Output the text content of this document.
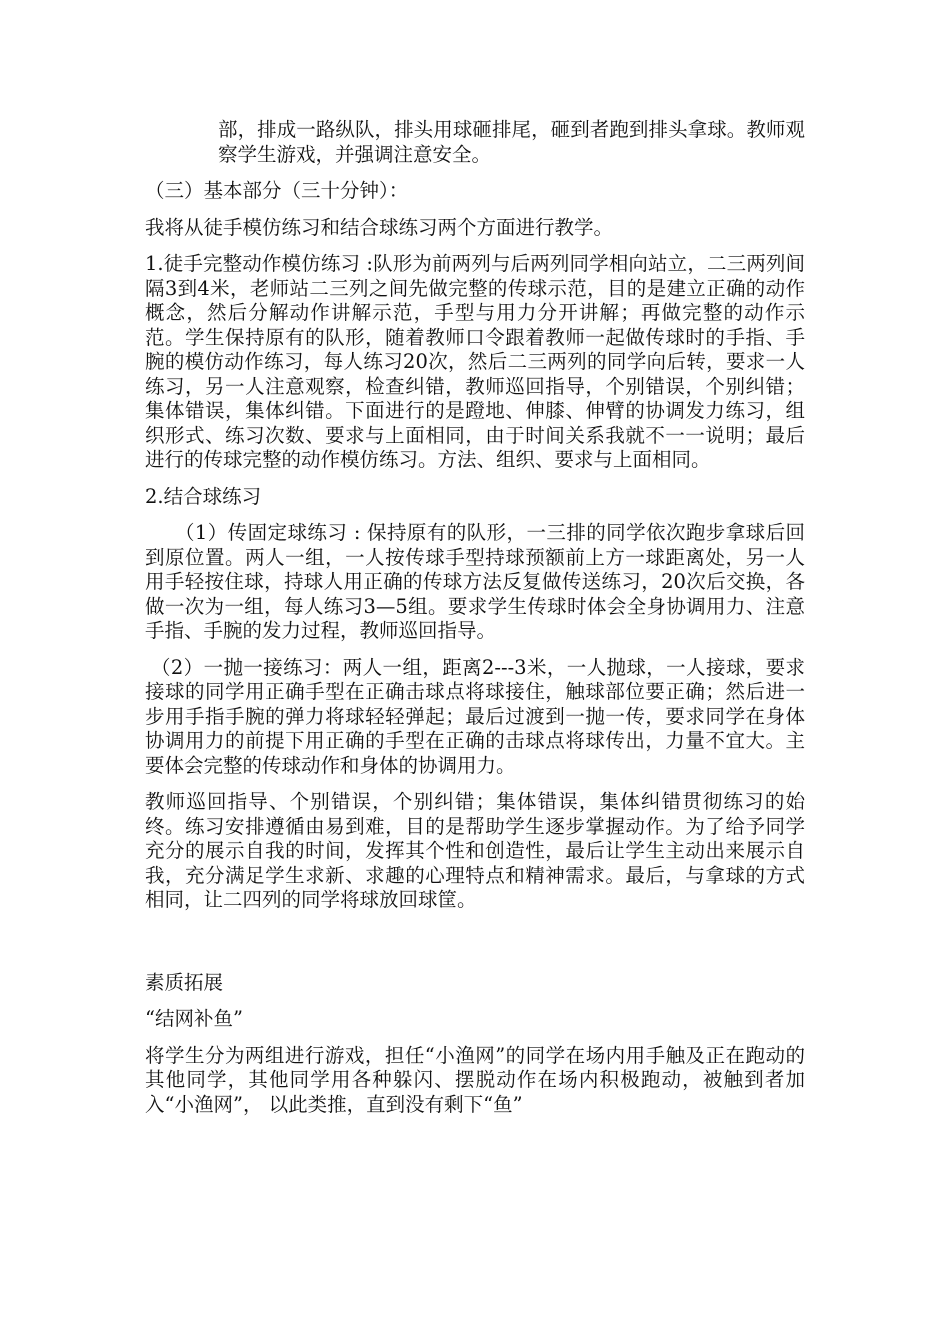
部，排成一路纵队，排头用球砸排尾，砸到者跑到排头拿球。教师观察学生游戏，并强调注意安全。

（三）基本部分（三十分钟）：

我将从徒手模仿练习和结合球练习两个方面进行教学。

1.徒手完整动作模仿练习 :队形为前两列与后两列同学相向站立，二三两列间隔3到4米，老师站二三列之间先做完整的传球示范，目的是建立正确的动作概念，然后分解动作讲解示范，手型与用力分开讲解；再做完整的动作示范。学生保持原有的队形，随着教师口令跟着教师一起做传球时的手指、手腕的模仿动作练习，每人练习20次，然后二三两列的同学向后转，要求一人练习，另一人注意观察，检查纠错，教师巡回指导，个别错误，个别纠错；集体错误，集体纠错。下面进行的是蹬地、伸膝、伸臂的协调发力练习，组织形式、练习次数、要求与上面相同，由于时间关系我就不一一说明；最后进行的传球完整的动作模仿练习。方法、组织、要求与上面相同。

2.结合球练习

（1）传固定球练习 : 保持原有的队形，一三排的同学依次跑步拿球后回到原位置。两人一组，一人按传球手型持球预额前上方一球距离处，另一人用手轻按住球，持球人用正确的传球方法反复做传送练习，20次后交换，各做一次为一组，每人练习3—5组。要求学生传球时体会全身协调用力、注意手指、手腕的发力过程，教师巡回指导。

（2）一抛一接练习：两人一组，距离2---3米，一人抛球，一人接球，要求接球的同学用正确手型在正确击球点将球接住，触球部位要正确；然后进一步用手指手腕的弹力将球轻轻弹起；最后过渡到一抛一传，要求同学在身体协调用力的前提下用正确的手型在正确的击球点将球传出，力量不宜大。主要体会完整的传球动作和身体的协调用力。

教师巡回指导、个别错误，个别纠错；集体错误，集体纠错贯彻练习的始终。练习安排遵循由易到难，目的是帮助学生逐步掌握动作。为了给予同学充分的展示自我的时间，发挥其个性和创造性，最后让学生主动出来展示自我，充分满足学生求新、求趣的心理特点和精神需求。最后，与拿球的方式相同，让二四列的同学将球放回球筐。

素质拓展

“结网补鱼”

将学生分为两组进行游戏，担任“小渔网”的同学在场内用手触及正在跑动的其他同学，其他同学用各种躲闪、摆脱动作在场内积极跑动，被触到者加入“小渔网”， 以此类推，直到没有剩下“鱼”
